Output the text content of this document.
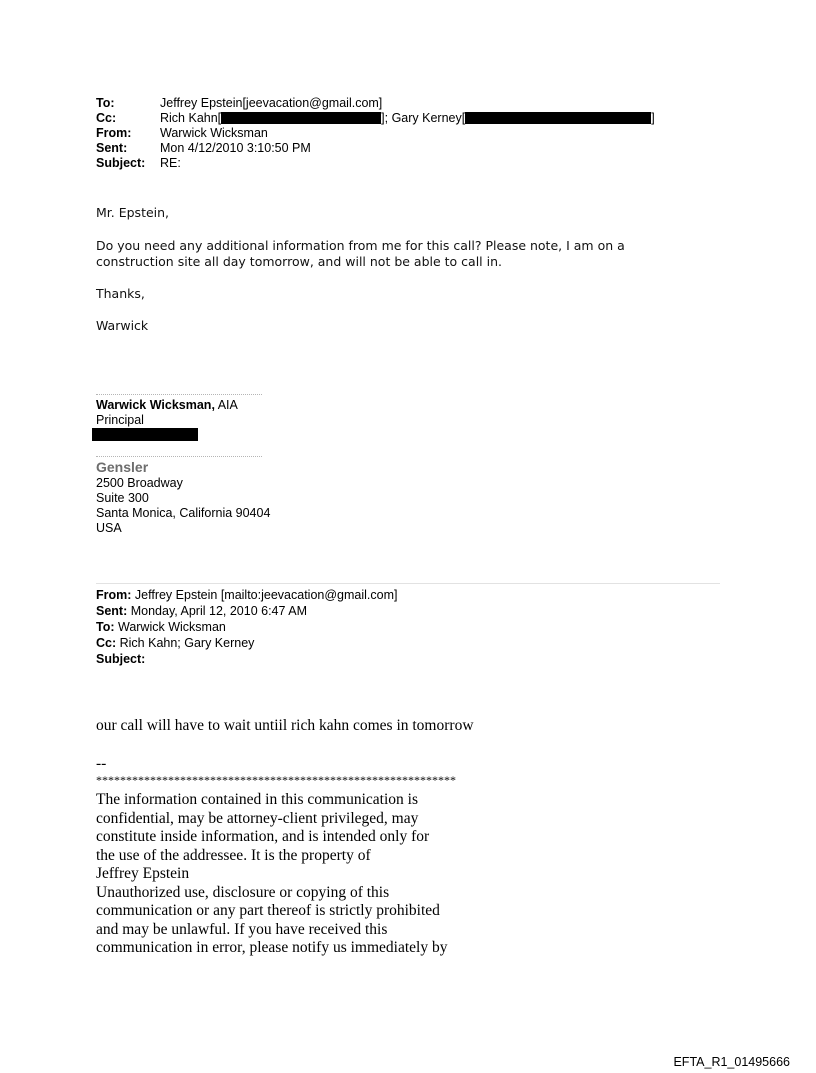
To:	Jeffrey Epstein[jeevacation@gmail.com]
Cc:	Rich Kahn[	]; Gary Kerney[	]
From: Warwick Wicksman
Sent:	Mon 4/12/2010 3:10:50 PM
Subject: RE:
Mr. Epstein,
Do you need any additional information from me for this call? Please note, I am on a
construction site all day tomorrow, and will not be able to call in.
Thanks,
Warwick
Warwick Wicksman, AIA
Principal
Gensler
2500 Broadway
Suite 300
Santa Monica, California 90404
USA
From: Jeffrey Epstein [mailto:jeevacation@gmail.com]
Sent: Monday, April 12, 2010 6:47 AM
To: Warwick Wicksman
Cc: Rich Kahn; Gary Kerney
Subject:
our call will have to wait untiil rich kahn comes in tomorrow
--
************************************************************
The information contained in this communication is
confidential, may be attorney-client privileged, may
constitute inside information, and is intended only for
the use of the addressee. It is the property of
Jeffrey Epstein
Unauthorized use, disclosure or copying of this
communication or any part thereof is strictly prohibited
and may be unlawful. If you have received this
communication in error, please notify us immediately by
EFTA_R1_01495666
